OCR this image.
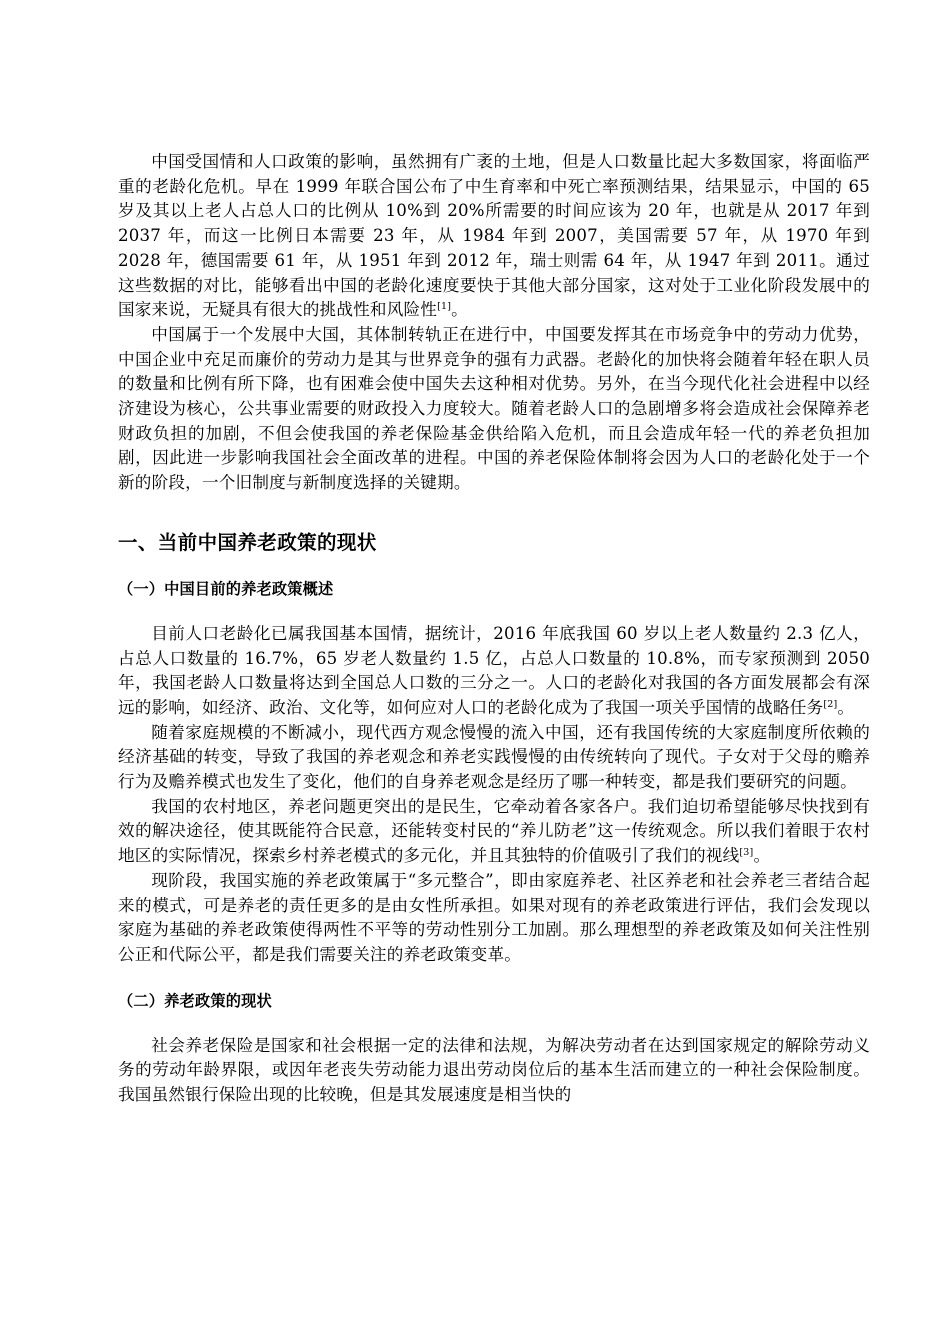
中国受国情和人口政策的影响，虽然拥有广袤的土地，但是人口数量比起大多数国家，将面临严重的老龄化危机。早在 1999 年联合国公布了中生育率和中死亡率预测结果，结果显示，中国的 65 岁及其以上老人占总人口的比例从 10%到 20%所需要的时间应该为 20 年，也就是从 2017 年到 2037 年，而这一比例日本需要 23 年，从 1984 年到 2007，美国需要 57 年，从 1970 年到 2028 年，德国需要 61 年，从 1951 年到 2012 年，瑞士则需 64 年，从 1947 年到 2011。通过这些数据的对比，能够看出中国的老龄化速度要快于其他大部分国家，这对处于工业化阶段发展中的国家来说，无疑具有很大的挑战性和风险性[1]。

中国属于一个发展中大国，其体制转轨正在进行中，中国要发挥其在市场竞争中的劳动力优势，中国企业中充足而廉价的劳动力是其与世界竞争的强有力武器。老龄化的加快将会随着年轻在职人员的数量和比例有所下降，也有困难会使中国失去这种相对优势。另外，在当今现代化社会进程中以经济建设为核心，公共事业需要的财政投入力度较大。随着老龄人口的急剧增多将会造成社会保障养老财政负担的加剧，不但会使我国的养老保险基金供给陷入危机，而且会造成年轻一代的养老负担加剧，因此进一步影响我国社会全面改革的进程。中国的养老保险体制将会因为人口的老龄化处于一个新的阶段，一个旧制度与新制度选择的关键期。

一、当前中国养老政策的现状
（一）中国目前的养老政策概述

目前人口老龄化已属我国基本国情，据统计，2016 年底我国 60 岁以上老人数量约 2.3 亿人，占总人口数量的 16.7%，65 岁老人数量约 1.5 亿，占总人口数量的 10.8%，而专家预测到 2050 年，我国老龄人口数量将达到全国总人口数的三分之一。人口的老龄化对我国的各方面发展都会有深远的影响，如经济、政治、文化等，如何应对人口的老龄化成为了我国一项关乎国情的战略任务[2]。

随着家庭规模的不断减小，现代西方观念慢慢的流入中国，还有我国传统的大家庭制度所依赖的经济基础的转变，导致了我国的养老观念和养老实践慢慢的由传统转向了现代。子女对于父母的赡养行为及赡养模式也发生了变化，他们的自身养老观念是经历了哪一种转变，都是我们要研究的问题。

我国的农村地区，养老问题更突出的是民生，它牵动着各家各户。我们迫切希望能够尽快找到有效的解决途径，使其既能符合民意，还能转变村民的“养儿防老”这一传统观念。所以我们着眼于农村地区的实际情况，探索乡村养老模式的多元化，并且其独特的价值吸引了我们的视线[3]。

现阶段，我国实施的养老政策属于“多元整合”，即由家庭养老、社区养老和社会养老三者结合起来的模式，可是养老的责任更多的是由女性所承担。如果对现有的养老政策进行评估，我们会发现以家庭为基础的养老政策使得两性不平等的劳动性别分工加剧。那么理想型的养老政策及如何关注性别公正和代际公平，都是我们需要关注的养老政策变革。

（二）养老政策的现状

社会养老保险是国家和社会根据一定的法律和法规，为解决劳动者在达到国家规定的解除劳动义务的劳动年龄界限，或因年老丧失劳动能力退出劳动岗位后的基本生活而建立的一种社会保险制度。我国虽然银行保险出现的比较晚，但是其发展速度是相当快的
